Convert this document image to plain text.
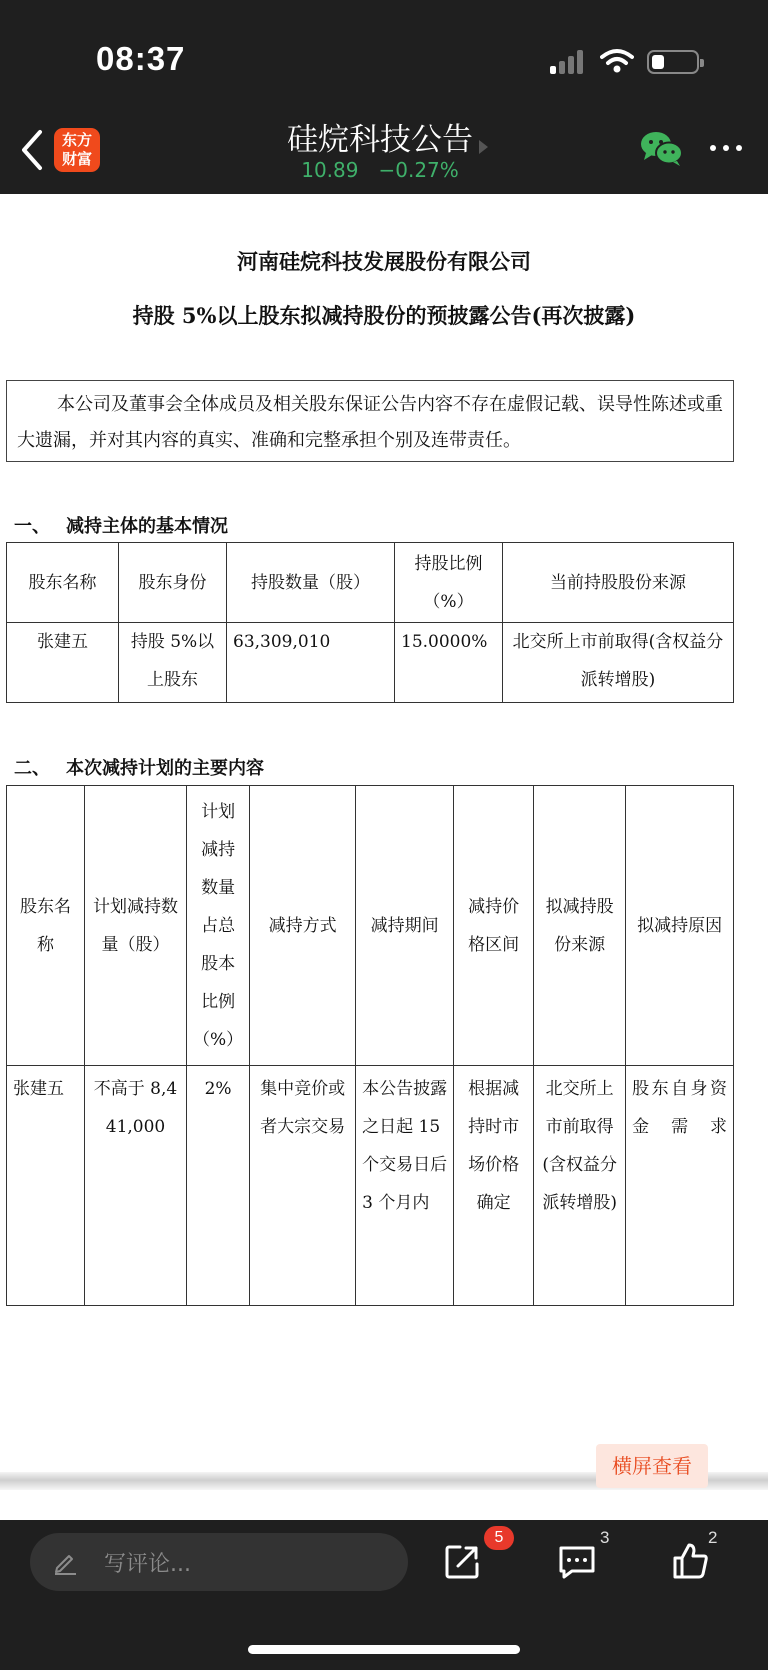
08:37
东方
财富
硅烷科技公告
10.89 −0.27%
河南硅烷科技发展股份有限公司
持股 5%以上股东拟减持股份的预披露公告(再次披露)
本公司及董事会全体成员及相关股东保证公告内容不存在虚假记载、误导性陈述或重大遗漏，并对其内容的真实、准确和完整承担个别及连带责任。
一、 减持主体的基本情况
股东名称	股东身份	持股数量（股）	持股比例（%）	当前持股股份来源
张建五	持股 5%以上股东	63,309,010	15.0000%	北交所上市前取得(含权益分派转增股)
二、 本次减持计划的主要内容
股东名称	计划减持数量（股）	计划减持数量占总股本比例（%）	减持方式	减持期间	减持价格区间	拟减持股份来源	拟减持原因
张建五	不高于 8,441,000	2%	集中竞价或者大宗交易	本公告披露之日起 15 个交易日后 3 个月内	根据减持时市场价格确定	北交所上市前取得(含权益分派转增股)	股东自身资金需求
横屏查看
写评论...
5	3	2
